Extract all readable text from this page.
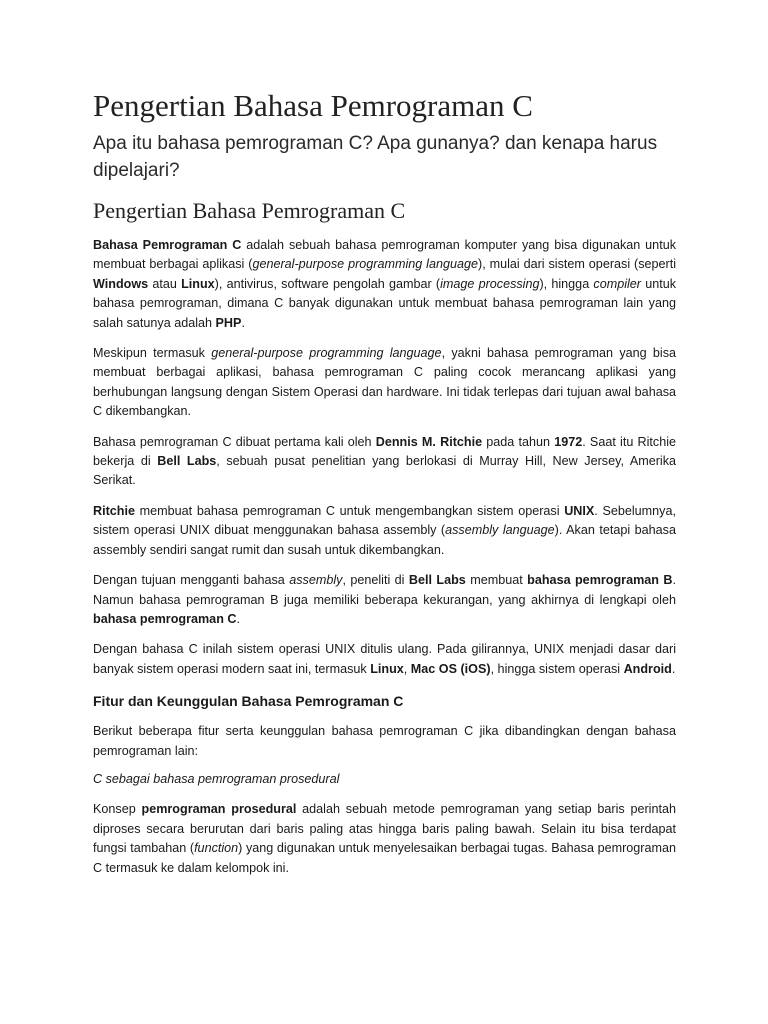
Pengertian Bahasa Pemrograman C
Apa itu bahasa pemrograman C? Apa gunanya? dan kenapa harus dipelajari?
Pengertian Bahasa Pemrograman C

Bahasa Pemrograman C adalah sebuah bahasa pemrograman komputer yang bisa digunakan untuk membuat berbagai aplikasi (general-purpose programming language), mulai dari sistem operasi (seperti Windows atau Linux), antivirus, software pengolah gambar (image processing), hingga compiler untuk bahasa pemrograman, dimana C banyak digunakan untuk membuat bahasa pemrograman lain yang salah satunya adalah PHP.

Meskipun termasuk general-purpose programming language, yakni bahasa pemrograman yang bisa membuat berbagai aplikasi, bahasa pemrograman C paling cocok merancang aplikasi yang berhubungan langsung dengan Sistem Operasi dan hardware. Ini tidak terlepas dari tujuan awal bahasa C dikembangkan.

Bahasa pemrograman C dibuat pertama kali oleh Dennis M. Ritchie pada tahun 1972. Saat itu Ritchie bekerja di Bell Labs, sebuah pusat penelitian yang berlokasi di Murray Hill, New Jersey, Amerika Serikat.

Ritchie membuat bahasa pemrograman C untuk mengembangkan sistem operasi UNIX. Sebelumnya, sistem operasi UNIX dibuat menggunakan bahasa assembly (assembly language). Akan tetapi bahasa assembly sendiri sangat rumit dan susah untuk dikembangkan.

Dengan tujuan mengganti bahasa assembly, peneliti di Bell Labs membuat bahasa pemrograman B. Namun bahasa pemrograman B juga memiliki beberapa kekurangan, yang akhirnya di lengkapi oleh bahasa pemrograman C.

Dengan bahasa C inilah sistem operasi UNIX ditulis ulang. Pada gilirannya, UNIX menjadi dasar dari banyak sistem operasi modern saat ini, termasuk Linux, Mac OS (iOS), hingga sistem operasi Android.

Fitur dan Keunggulan Bahasa Pemrograman C

Berikut beberapa fitur serta keunggulan bahasa pemrograman C jika dibandingkan dengan bahasa pemrograman lain:

C sebagai bahasa pemrograman prosedural

Konsep pemrograman prosedural adalah sebuah metode pemrograman yang setiap baris perintah diproses secara berurutan dari baris paling atas hingga baris paling bawah. Selain itu bisa terdapat fungsi tambahan (function) yang digunakan untuk menyelesaikan berbagai tugas. Bahasa pemrograman C termasuk ke dalam kelompok ini.
